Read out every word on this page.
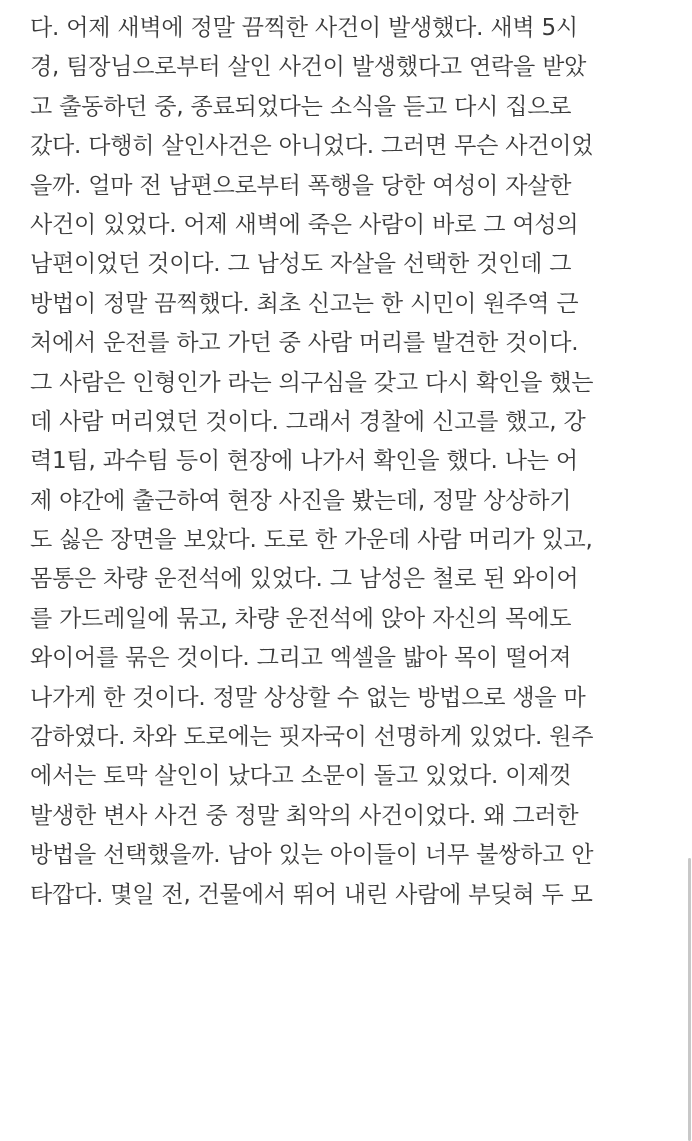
다. 어제 새벽에 정말 끔찍한 사건이 발생했다. 새벽 5시
경, 팀장님으로부터 살인 사건이 발생했다고 연락을 받았
고 출동하던 중, 종료되었다는 소식을 듣고 다시 집으로
갔다. 다행히 살인사건은 아니었다. 그러면 무슨 사건이었
을까. 얼마 전 남편으로부터 폭행을 당한 여성이 자살한
사건이 있었다. 어제 새벽에 죽은 사람이 바로 그 여성의
남편이었던 것이다. 그 남성도 자살을 선택한 것인데 그
방법이 정말 끔찍했다. 최초 신고는 한 시민이 원주역 근
처에서 운전를 하고 가던 중 사람 머리를 발견한 것이다.
그 사람은 인형인가 라는 의구심을 갖고 다시 확인을 했는
데 사람 머리였던 것이다. 그래서 경찰에 신고를 했고, 강
력1팀, 과수팀 등이 현장에 나가서 확인을 했다. 나는 어
제 야간에 출근하여 현장 사진을 봤는데, 정말 상상하기
도 싫은 장면을 보았다. 도로 한 가운데 사람 머리가 있고,
몸통은 차량 운전석에 있었다. 그 남성은 철로 된 와이어
를 가드레일에 묶고, 차량 운전석에 앉아 자신의 목에도
와이어를 묶은 것이다. 그리고 엑셀을 밟아 목이 떨어져
나가게 한 것이다. 정말 상상할 수 없는 방법으로 생을 마
감하였다. 차와 도로에는 핏자국이 선명하게 있었다. 원주
에서는 토막 살인이 났다고 소문이 돌고 있었다. 이제껏
발생한 변사 사건 중 정말 최악의 사건이었다. 왜 그러한
방법을 선택했을까. 남아 있는 아이들이 너무 불쌍하고 안
타깝다. 몇일 전, 건물에서 뛰어 내린 사람에 부딪혀 두 모
